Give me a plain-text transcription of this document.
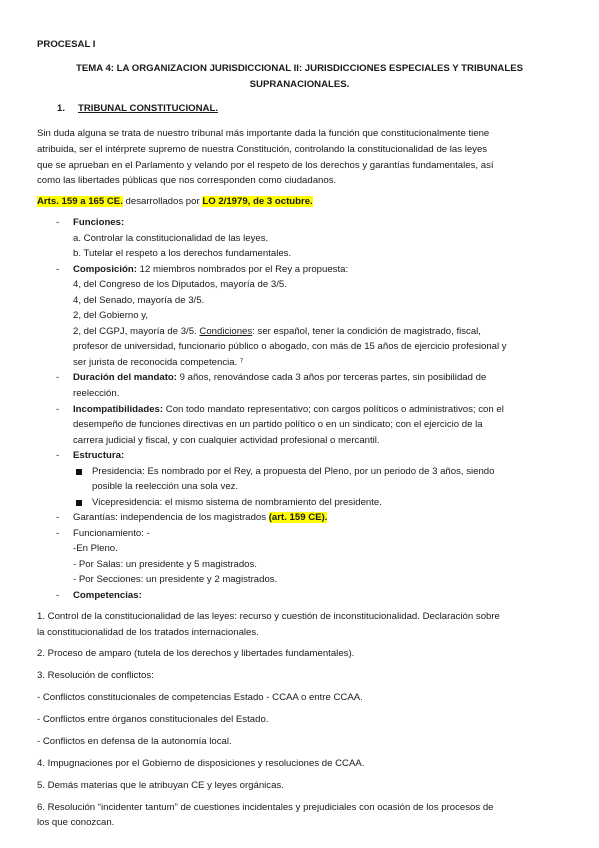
PROCESAL I
TEMA 4: LA ORGANIZACION JURISDICCIONAL II: JURISDICCIONES ESPECIALES Y TRIBUNALES
SUPRANACIONALES.
1. TRIBUNAL CONSTITUCIONAL.
Sin duda alguna se trata de nuestro tribunal más importante dada la función que constitucionalmente tiene
atribuida, ser el intérprete supremo de nuestra Constitución, controlando la constitucionalidad de las leyes
que se aprueban en el Parlamento y velando por el respeto de los derechos y garantías fundamentales, así
como las libertades públicas que nos corresponden como ciudadanos.
Arts. 159 a 165 CE. desarrollados por LO 2/1979, de 3 octubre.
- Funciones:
a. Controlar la constitucionalidad de las leyes.
b. Tutelar el respeto a los derechos fundamentales.
- Composición: 12 miembros nombrados por el Rey a propuesta:
4, del Congreso de los Diputados, mayoría de 3/5.
4, del Senado, mayoría de 3/5.
2, del Gobierno y,
2, del CGPJ, mayoría de 3/5. Condiciones: ser español, tener la condición de magistrado, fiscal,
profesor de universidad, funcionario público o abogado, con más de 15 años de ejercicio profesional y
ser jurista de reconocida competencia. ⁷
- Duración del mandato: 9 años, renovándose cada 3 años por terceras partes, sin posibilidad de
reelección.
- Incompatibilidades: Con todo mandato representativo; con cargos políticos o administrativos; con el
desempeño de funciones directivas en un partido político o en un sindicato; con el ejercicio de la
carrera judicial y fiscal, y con cualquier actividad profesional o mercantil.
- Estructura:
Presidencia: Es nombrado por el Rey, a propuesta del Pleno, por un periodo de 3 años, siendo
posible la reelección una sola vez.
Vicepresidencia: el mismo sistema de nombramiento del presidente.
- Garantías: independencia de los magistrados (art. 159 CE).
- Funcionamiento: -
-En Pleno.
- Por Salas: un presidente y 5 magistrados.
- Por Secciones: un presidente y 2 magistrados.
- Competencias:
1. Control de la constitucionalidad de las leyes: recurso y cuestión de inconstitucionalidad. Declaración sobre
la constitucionalidad de los tratados internacionales.
2. Proceso de amparo (tutela de los derechos y libertades fundamentales).
3. Resolución de conflictos:
- Conflictos constitucionales de competencias Estado - CCAA o entre CCAA.
- Conflictos entre órganos constitucionales del Estado.
- Conflictos en defensa de la autonomía local.
4. Impugnaciones por el Gobierno de disposiciones y resoluciones de CCAA.
5. Demás materias que le atribuyan CE y leyes orgánicas.
6. Resolución “incidenter tantum” de cuestiones incidentales y prejudiciales con ocasión de los procesos de
los que conozcan.
